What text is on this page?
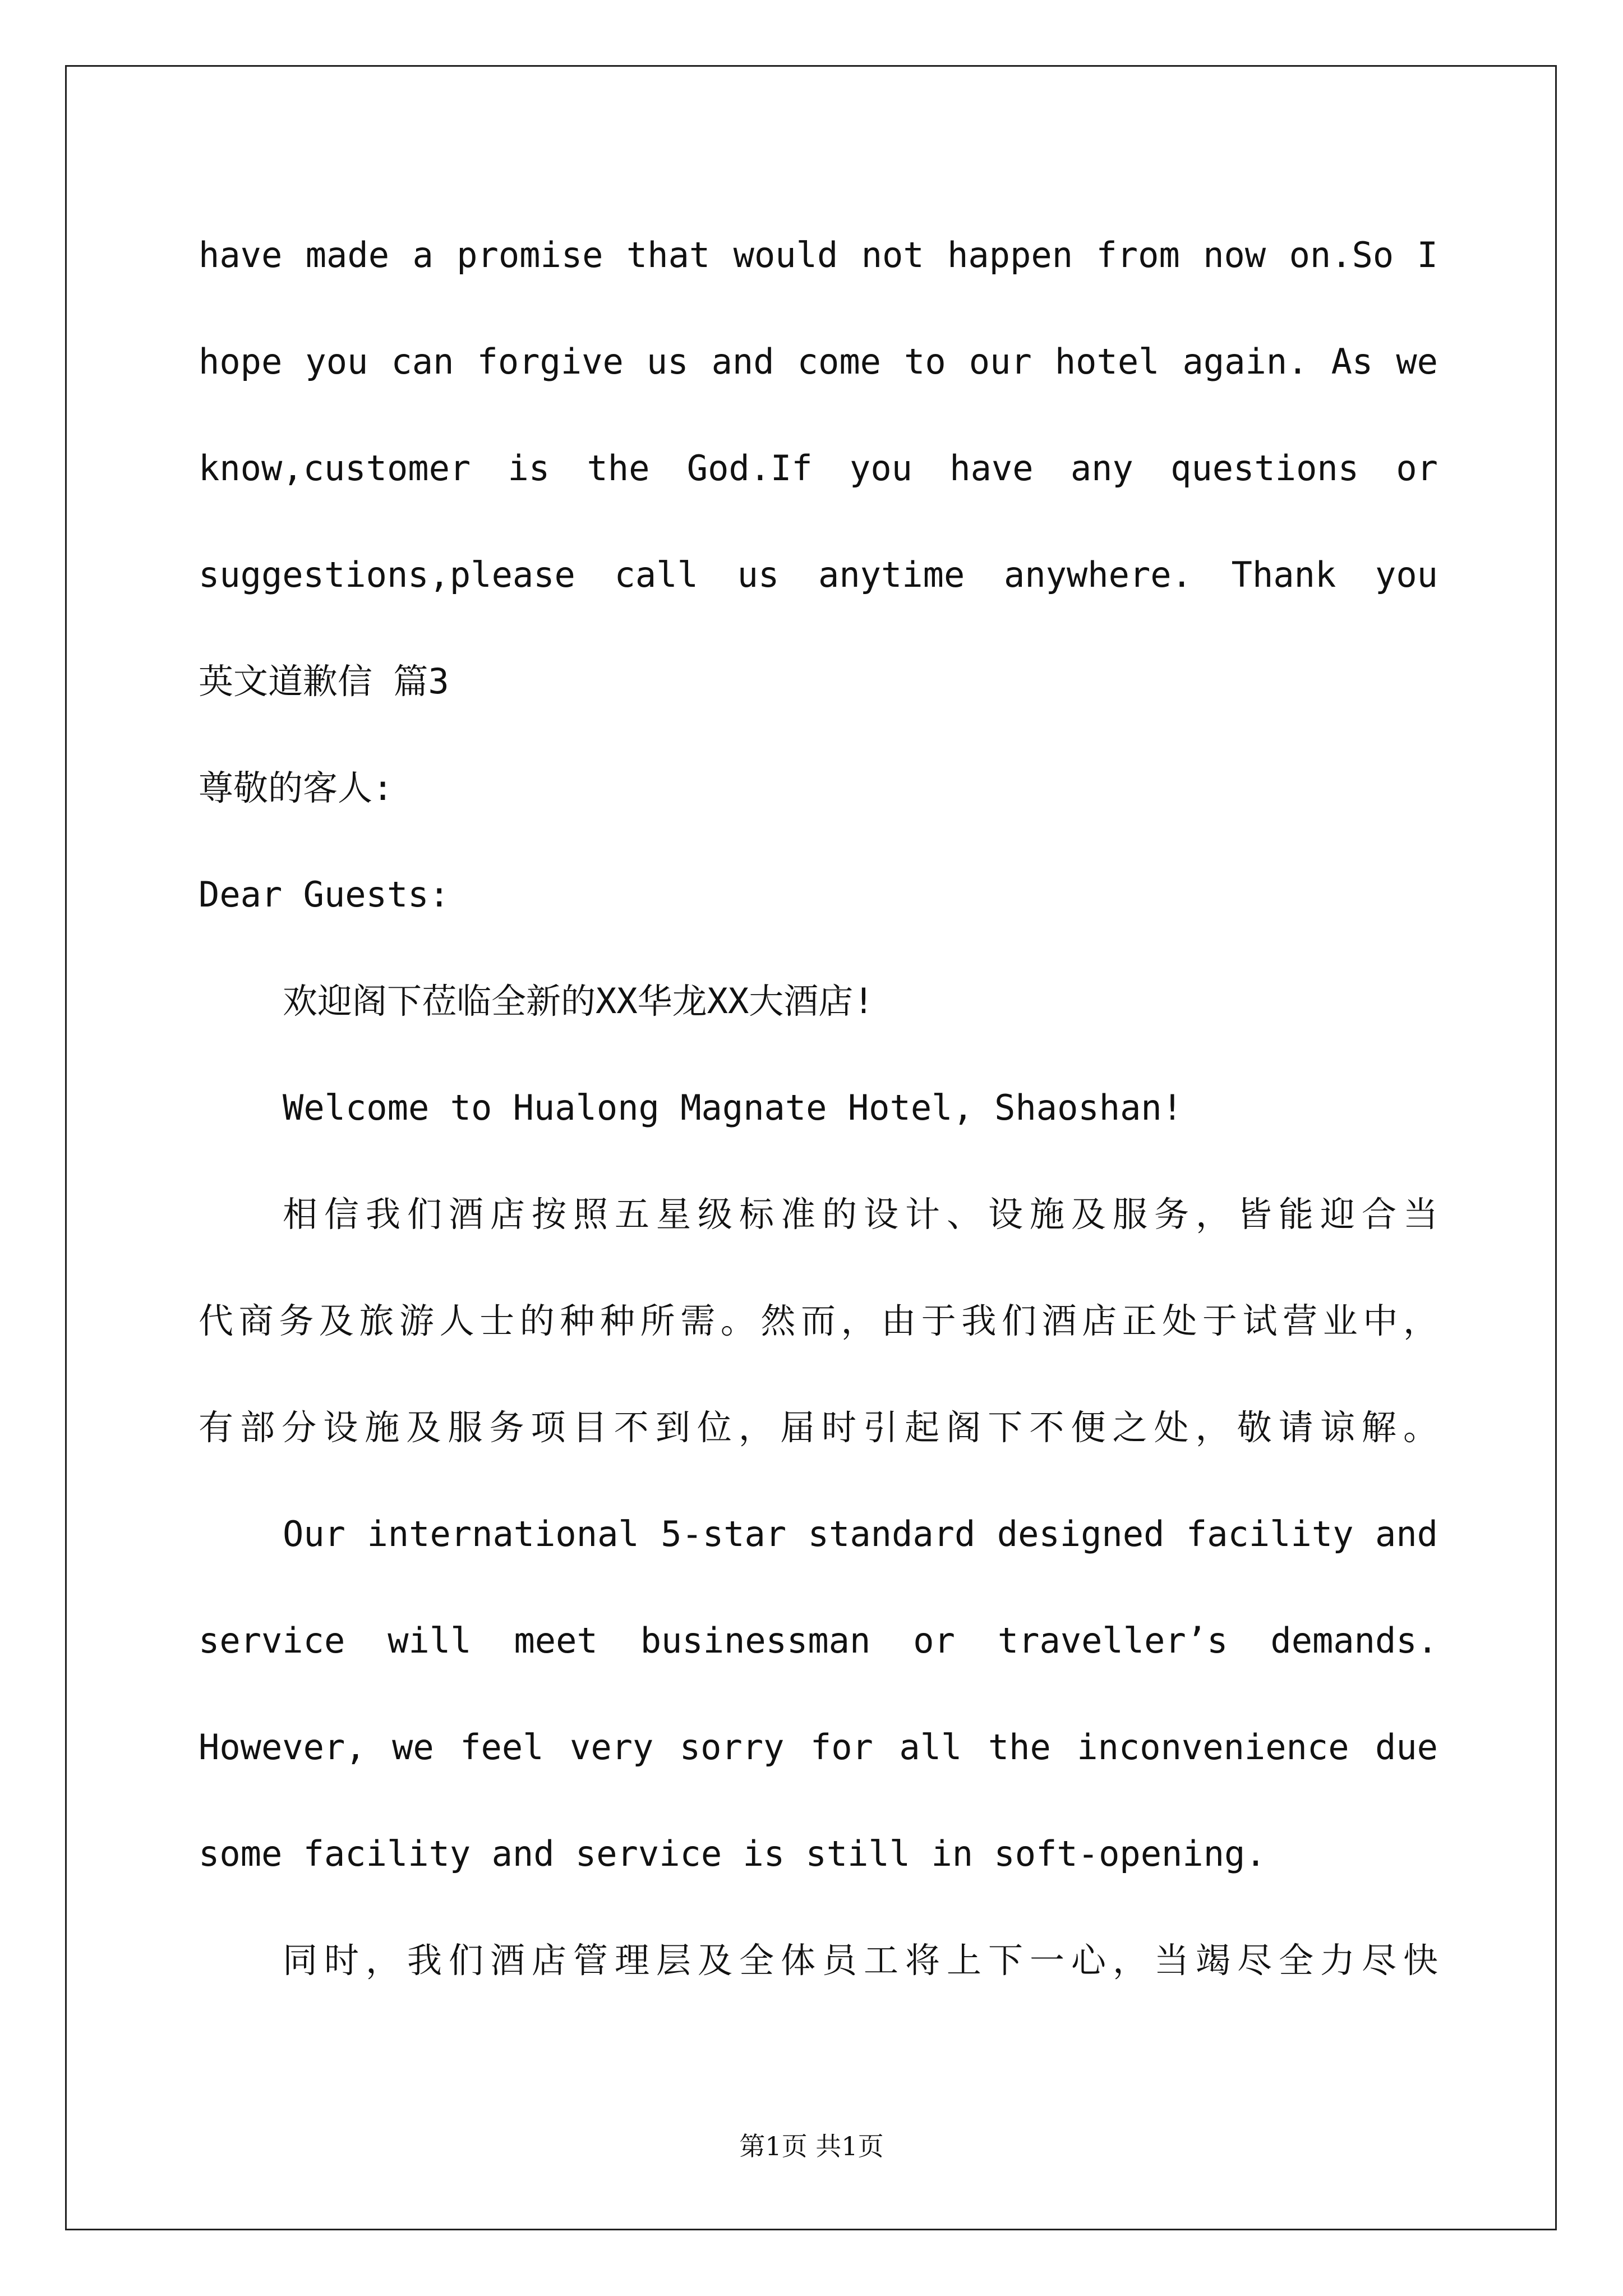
have made a promise that would not happen from now on.So I
hope you can forgive us and come to our hotel again. As we
know,customer is the God.If you have any questions or
suggestions,please call us anytime anywhere. Thank you
英文道歉信 篇3
尊敬的客人:
Dear Guests:
欢迎阁下莅临全新的XX华龙XX大酒店!
Welcome to Hualong Magnate Hotel, Shaoshan!
相信我们酒店按照五星级标准的设计、设施及服务，皆能迎合当
代商务及旅游人士的种种所需。然而，由于我们酒店正处于试营业中，
有部分设施及服务项目不到位，届时引起阁下不便之处，敬请谅解。
Our international 5-star standard designed facility and
service will meet businessman or traveller’s demands.
However, we feel very sorry for all the inconvenience due
some facility and service is still in soft-opening.
同时，我们酒店管理层及全体员工将上下一心，当竭尽全力尽快
第1页 共1页
